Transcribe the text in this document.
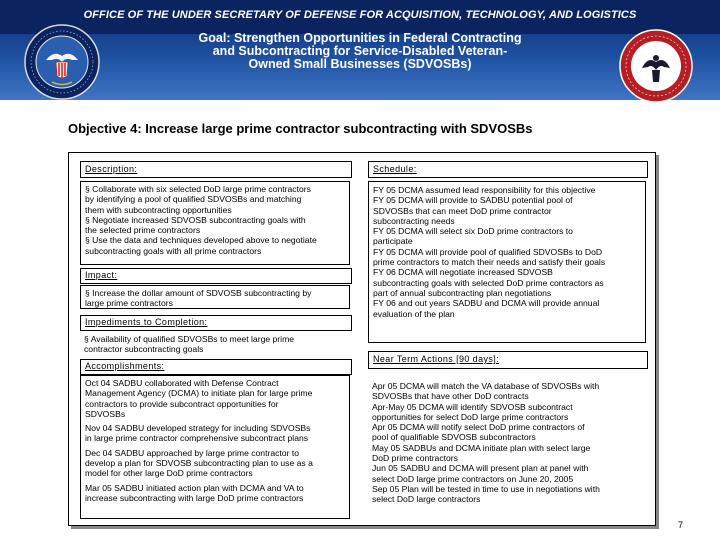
OFFICE OF THE UNDER SECRETARY OF DEFENSE FOR ACQUISITION, TECHNOLOGY, AND LOGISTICS
Goal: Strengthen Opportunities in Federal Contracting
and Subcontracting for Service-Disabled Veteran-
Owned Small Businesses (SDVOSBs)
Objective 4: Increase large prime contractor subcontracting with SDVOSBs
Description:

§ Collaborate with six selected DoD large prime contractors

by identifying a pool of qualified SDVOSBs and matching

them with subcontracting opportunities

§ Negotiate increased SDVOSB subcontracting goals with

the selected prime contractors

§ Use the data and techniques developed above to negotiate

subcontracting goals with all prime contractors

Impact:

§ Increase the dollar amount of SDVOSB subcontracting by

large prime contractors

Impediments to Completion:

§ Availability of qualified SDVOSBs to meet large prime

contractor subcontracting goals

Accomplishments:

Oct 04 SADBU collaborated with Defense Contract

Management Agency (DCMA) to initiate plan for large prime

contractors to provide subcontract opportunities for

SDVOSBs

Nov 04 SADBU developed strategy for including SDVOSBs

in large prime contractor comprehensive subcontract plans

Dec 04 SADBU approached by large prime contractor to

develop a plan for SDVOSB subcontracting plan to use as a

model for other large DoD prime contractors

Mar 05 SADBU initiated action plan with DCMA and VA to

increase subcontracting with large DoD prime contractors

Schedule:

FY 05 DCMA assumed lead responsibility for this objective

FY 05 DCMA will provide to SADBU potential pool of

SDVOSBs that can meet DoD prime contractor

subcontracting needs

FY 05 DCMA will select six DoD prime contractors to

participate

FY 05 DCMA will provide pool of qualified SDVOSBs to DoD

prime contractors to match their needs and satisfy their goals

FY 06 DCMA will negotiate increased SDVOSB

subcontracting goals with selected DoD prime contractors as

part of annual subcontracting plan negotiations

FY 06 and out years SADBU and DCMA will provide annual

evaluation of the plan

Near Term Actions [90 days]:

Apr 05 DCMA will match the VA database of SDVOSBs with

SDVOSBs that have other DoD contracts

Apr-May 05 DCMA will identify SDVOSB subcontract

opportunities for select DoD large prime contractors

Apr 05 DCMA will notify select DoD prime contractors of

pool of qualifiable SDVOSB subcontractors

May 05 SADBUs and DCMA initiate plan with select large

DoD prime contractors

Jun 05 SADBU and DCMA will present plan at panel with

select DoD large prime contractors on June 20, 2005

Sep 05 Plan will be tested in time to use in negotiations with

select DoD large contractors

7
